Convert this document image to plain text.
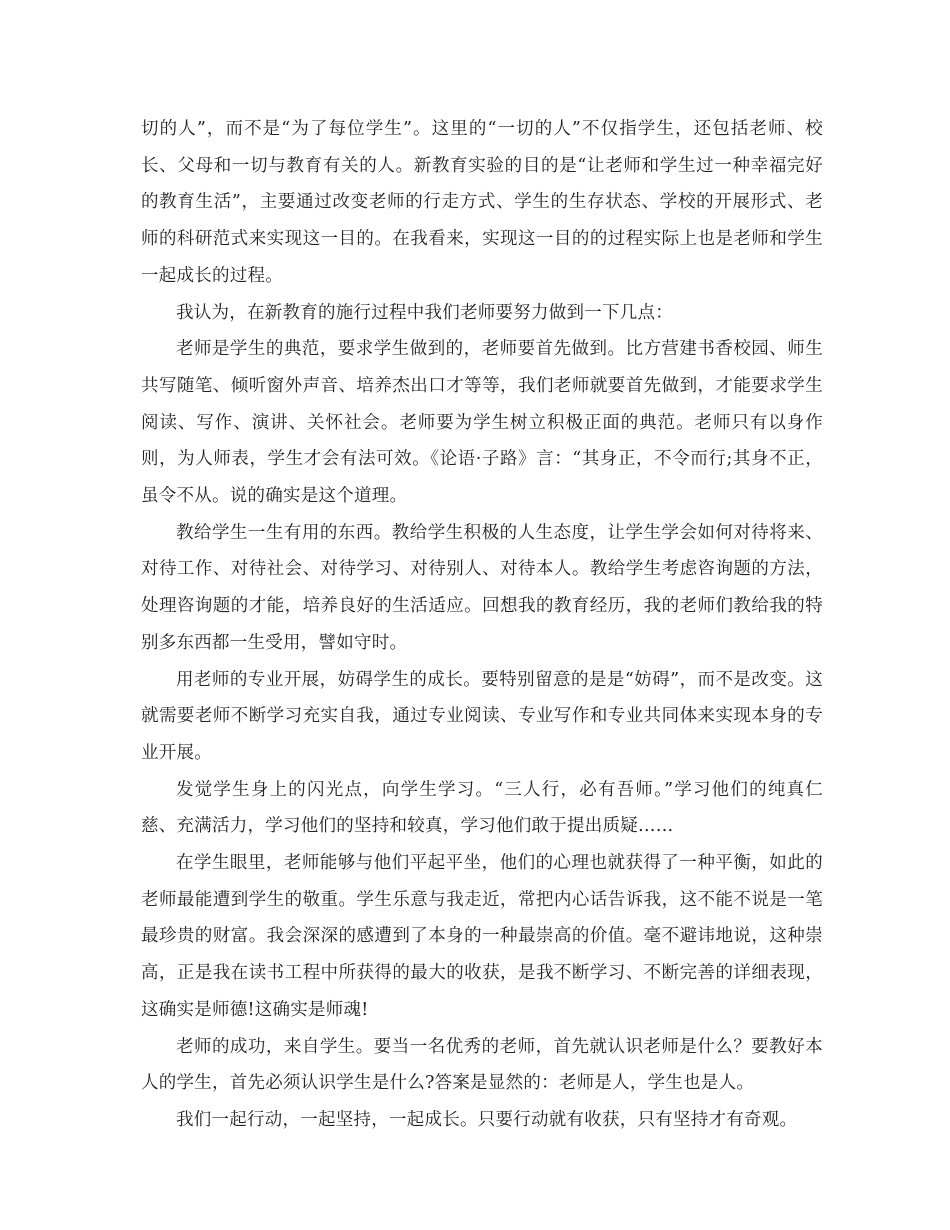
切的人”，而不是“为了每位学生”。这里的“一切的人”不仅指学生，还包括老师、校长、父母和一切与教育有关的人。新教育实验的目的是“让老师和学生过一种幸福完好的教育生活”，主要通过改变老师的行走方式、学生的生存状态、学校的开展形式、老师的科研范式来实现这一目的。在我看来，实现这一目的的过程实际上也是老师和学生一起成长的过程。

我认为，在新教育的施行过程中我们老师要努力做到一下几点：

老师是学生的典范，要求学生做到的，老师要首先做到。比方营建书香校园、师生共写随笔、倾听窗外声音、培养杰出口才等等，我们老师就要首先做到，才能要求学生阅读、写作、演讲、关怀社会。老师要为学生树立积极正面的典范。老师只有以身作则，为人师表，学生才会有法可效。《论语·子路》言：“其身正，不令而行;其身不正，虽令不从。说的确实是这个道理。

教给学生一生有用的东西。教给学生积极的人生态度，让学生学会如何对待将来、对待工作、对待社会、对待学习、对待别人、对待本人。教给学生考虑咨询题的方法，处理咨询题的才能，培养良好的生活适应。回想我的教育经历，我的老师们教给我的特别多东西都一生受用，譬如守时。

用老师的专业开展，妨碍学生的成长。要特别留意的是是“妨碍”，而不是改变。这就需要老师不断学习充实自我，通过专业阅读、专业写作和专业共同体来实现本身的专业开展。

发觉学生身上的闪光点，向学生学习。“三人行，必有吾师。”学习他们的纯真仁慈、充满活力，学习他们的坚持和较真，学习他们敢于提出质疑……

在学生眼里，老师能够与他们平起平坐，他们的心理也就获得了一种平衡，如此的老师最能遭到学生的敬重。学生乐意与我走近，常把内心话告诉我，这不能不说是一笔最珍贵的财富。我会深深的感遭到了本身的一种最崇高的价值。毫不避讳地说，这种崇高，正是我在读书工程中所获得的最大的收获，是我不断学习、不断完善的详细表现，这确实是师德!这确实是师魂!

老师的成功，来自学生。要当一名优秀的老师，首先就认识老师是什么？要教好本人的学生，首先必须认识学生是什么?答案是显然的：老师是人，学生也是人。

我们一起行动，一起坚持，一起成长。只要行动就有收获，只有坚持才有奇观。
